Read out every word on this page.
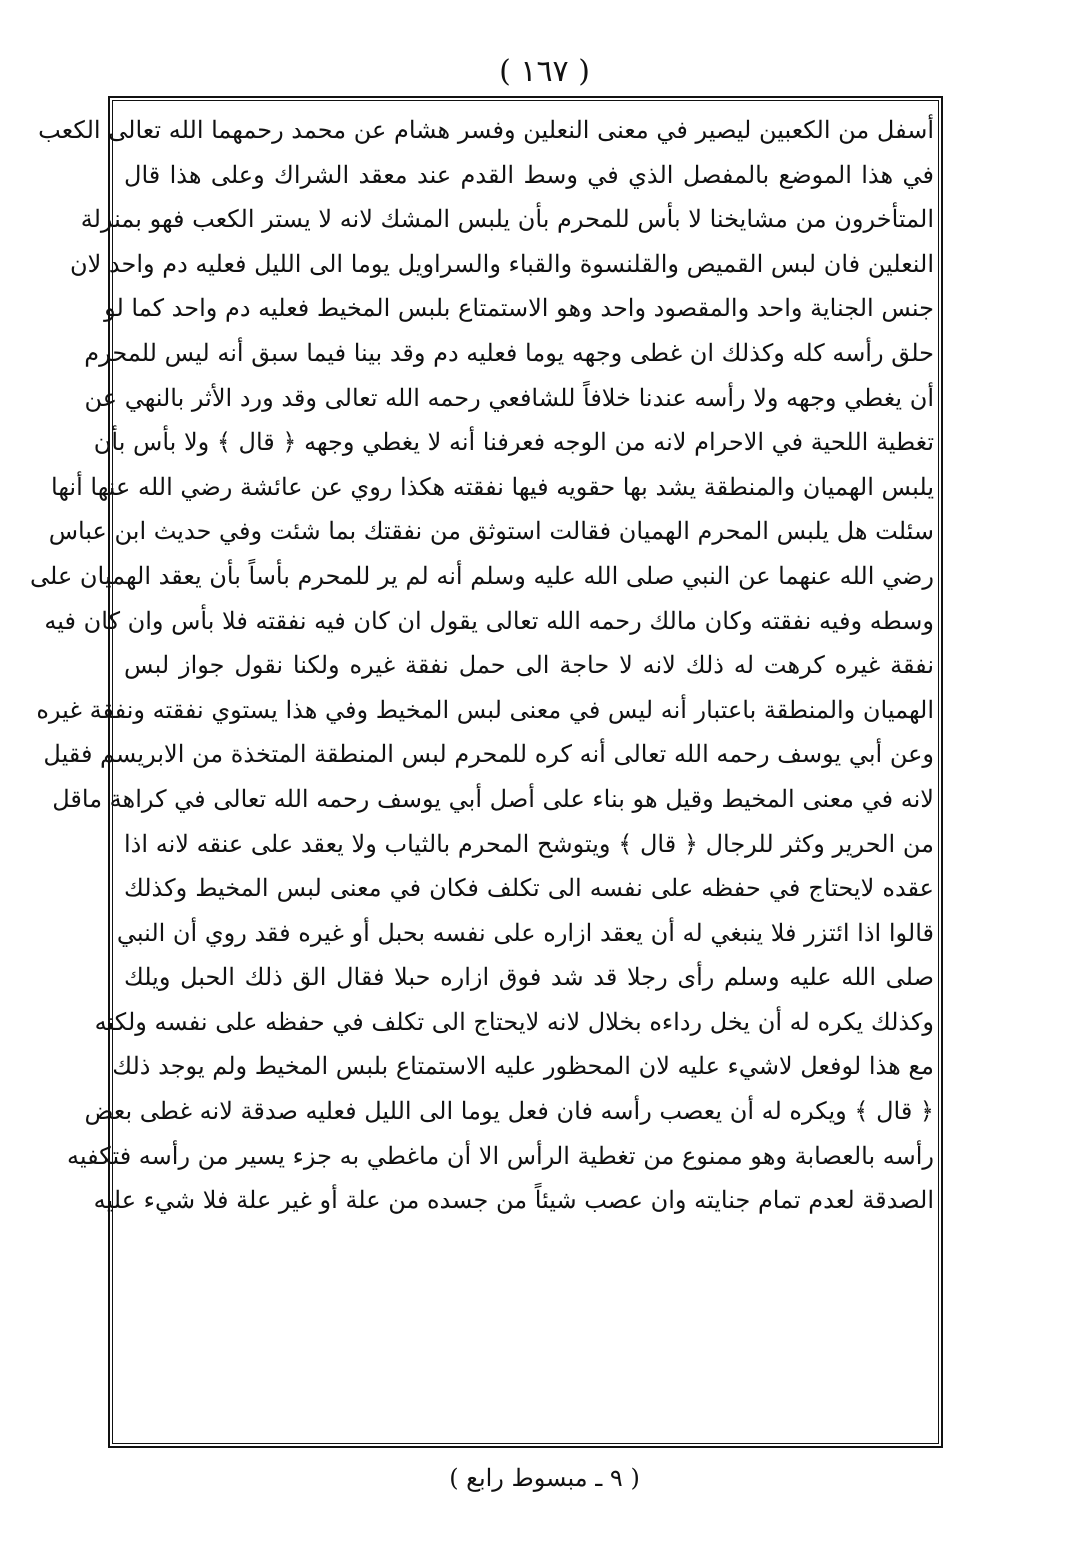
( ١٦٧ )
أسفل من الكعبين ليصير في معنى النعلين وفسر هشام عن محمد رحمهما الله تعالى الكعب
في هذا الموضع بالمفصل الذي في وسط القدم عند معقد الشراك وعلى هذا قال
المتأخرون من مشايخنا لا بأس للمحرم بأن يلبس المشك لانه لا يستر الكعب فهو بمنزلة
النعلين فان لبس القميص والقلنسوة والقباء والسراويل يوما الى الليل فعليه دم واحد لان
جنس الجناية واحد والمقصود واحد وهو الاستمتاع بلبس المخيط فعليه دم واحد كما لو
حلق رأسه كله وكذلك ان غطى وجهه يوما فعليه دم وقد بينا فيما سبق أنه ليس للمحرم
أن يغطي وجهه ولا رأسه عندنا خلافاً للشافعي رحمه الله تعالى وقد ورد الأثر بالنهي عن
تغطية اللحية في الاحرام لانه من الوجه فعرفنا أنه لا يغطي وجهه ﴿ قال ﴾ ولا بأس بأن
يلبس الهميان والمنطقة يشد بها حقويه فيها نفقته هكذا روي عن عائشة رضي الله عنها أنها
سئلت هل يلبس المحرم الهميان فقالت استوثق من نفقتك بما شئت وفي حديث ابن عباس
رضي الله عنهما عن النبي صلى الله عليه وسلم أنه لم ير للمحرم بأساً بأن يعقد الهميان على
وسطه وفيه نفقته وكان مالك رحمه الله تعالى يقول ان كان فيه نفقته فلا بأس وان كان فيه
نفقة غيره كرهت له ذلك لانه لا حاجة الى حمل نفقة غيره ولكنا نقول جواز لبس
الهميان والمنطقة باعتبار أنه ليس في معنى لبس المخيط وفي هذا يستوي نفقته ونفقة غيره
وعن أبي يوسف رحمه الله تعالى أنه كره للمحرم لبس المنطقة المتخذة من الابريسم فقيل
لانه في معنى المخيط وقيل هو بناء على أصل أبي يوسف رحمه الله تعالى في كراهة ماقل
من الحرير وكثر للرجال ﴿ قال ﴾ ويتوشح المحرم بالثياب ولا يعقد على عنقه لانه اذا
عقده لايحتاج في حفظه على نفسه الى تكلف فكان في معنى لبس المخيط وكذلك
قالوا اذا ائتزر فلا ينبغي له أن يعقد ازاره على نفسه بحبل أو غيره فقد روي أن النبي
صلى الله عليه وسلم رأى رجلا قد شد فوق ازاره حبلا فقال الق ذلك الحبل ويلك
وكذلك يكره له أن يخل رداءه بخلال لانه لايحتاج الى تكلف في حفظه على نفسه ولكنه
مع هذا لوفعل لاشيء عليه لان المحظور عليه الاستمتاع بلبس المخيط ولم يوجد ذلك
﴿ قال ﴾ ويكره له أن يعصب رأسه فان فعل يوما الى الليل فعليه صدقة لانه غطى بعض
رأسه بالعصابة وهو ممنوع من تغطية الرأس الا أن ماغطي به جزء يسير من رأسه فتكفيه
الصدقة لعدم تمام جنايته وان عصب شيئاً من جسده من علة أو غير علة فلا شيء عليه
( ٩ ـ مبسوط رابع )
